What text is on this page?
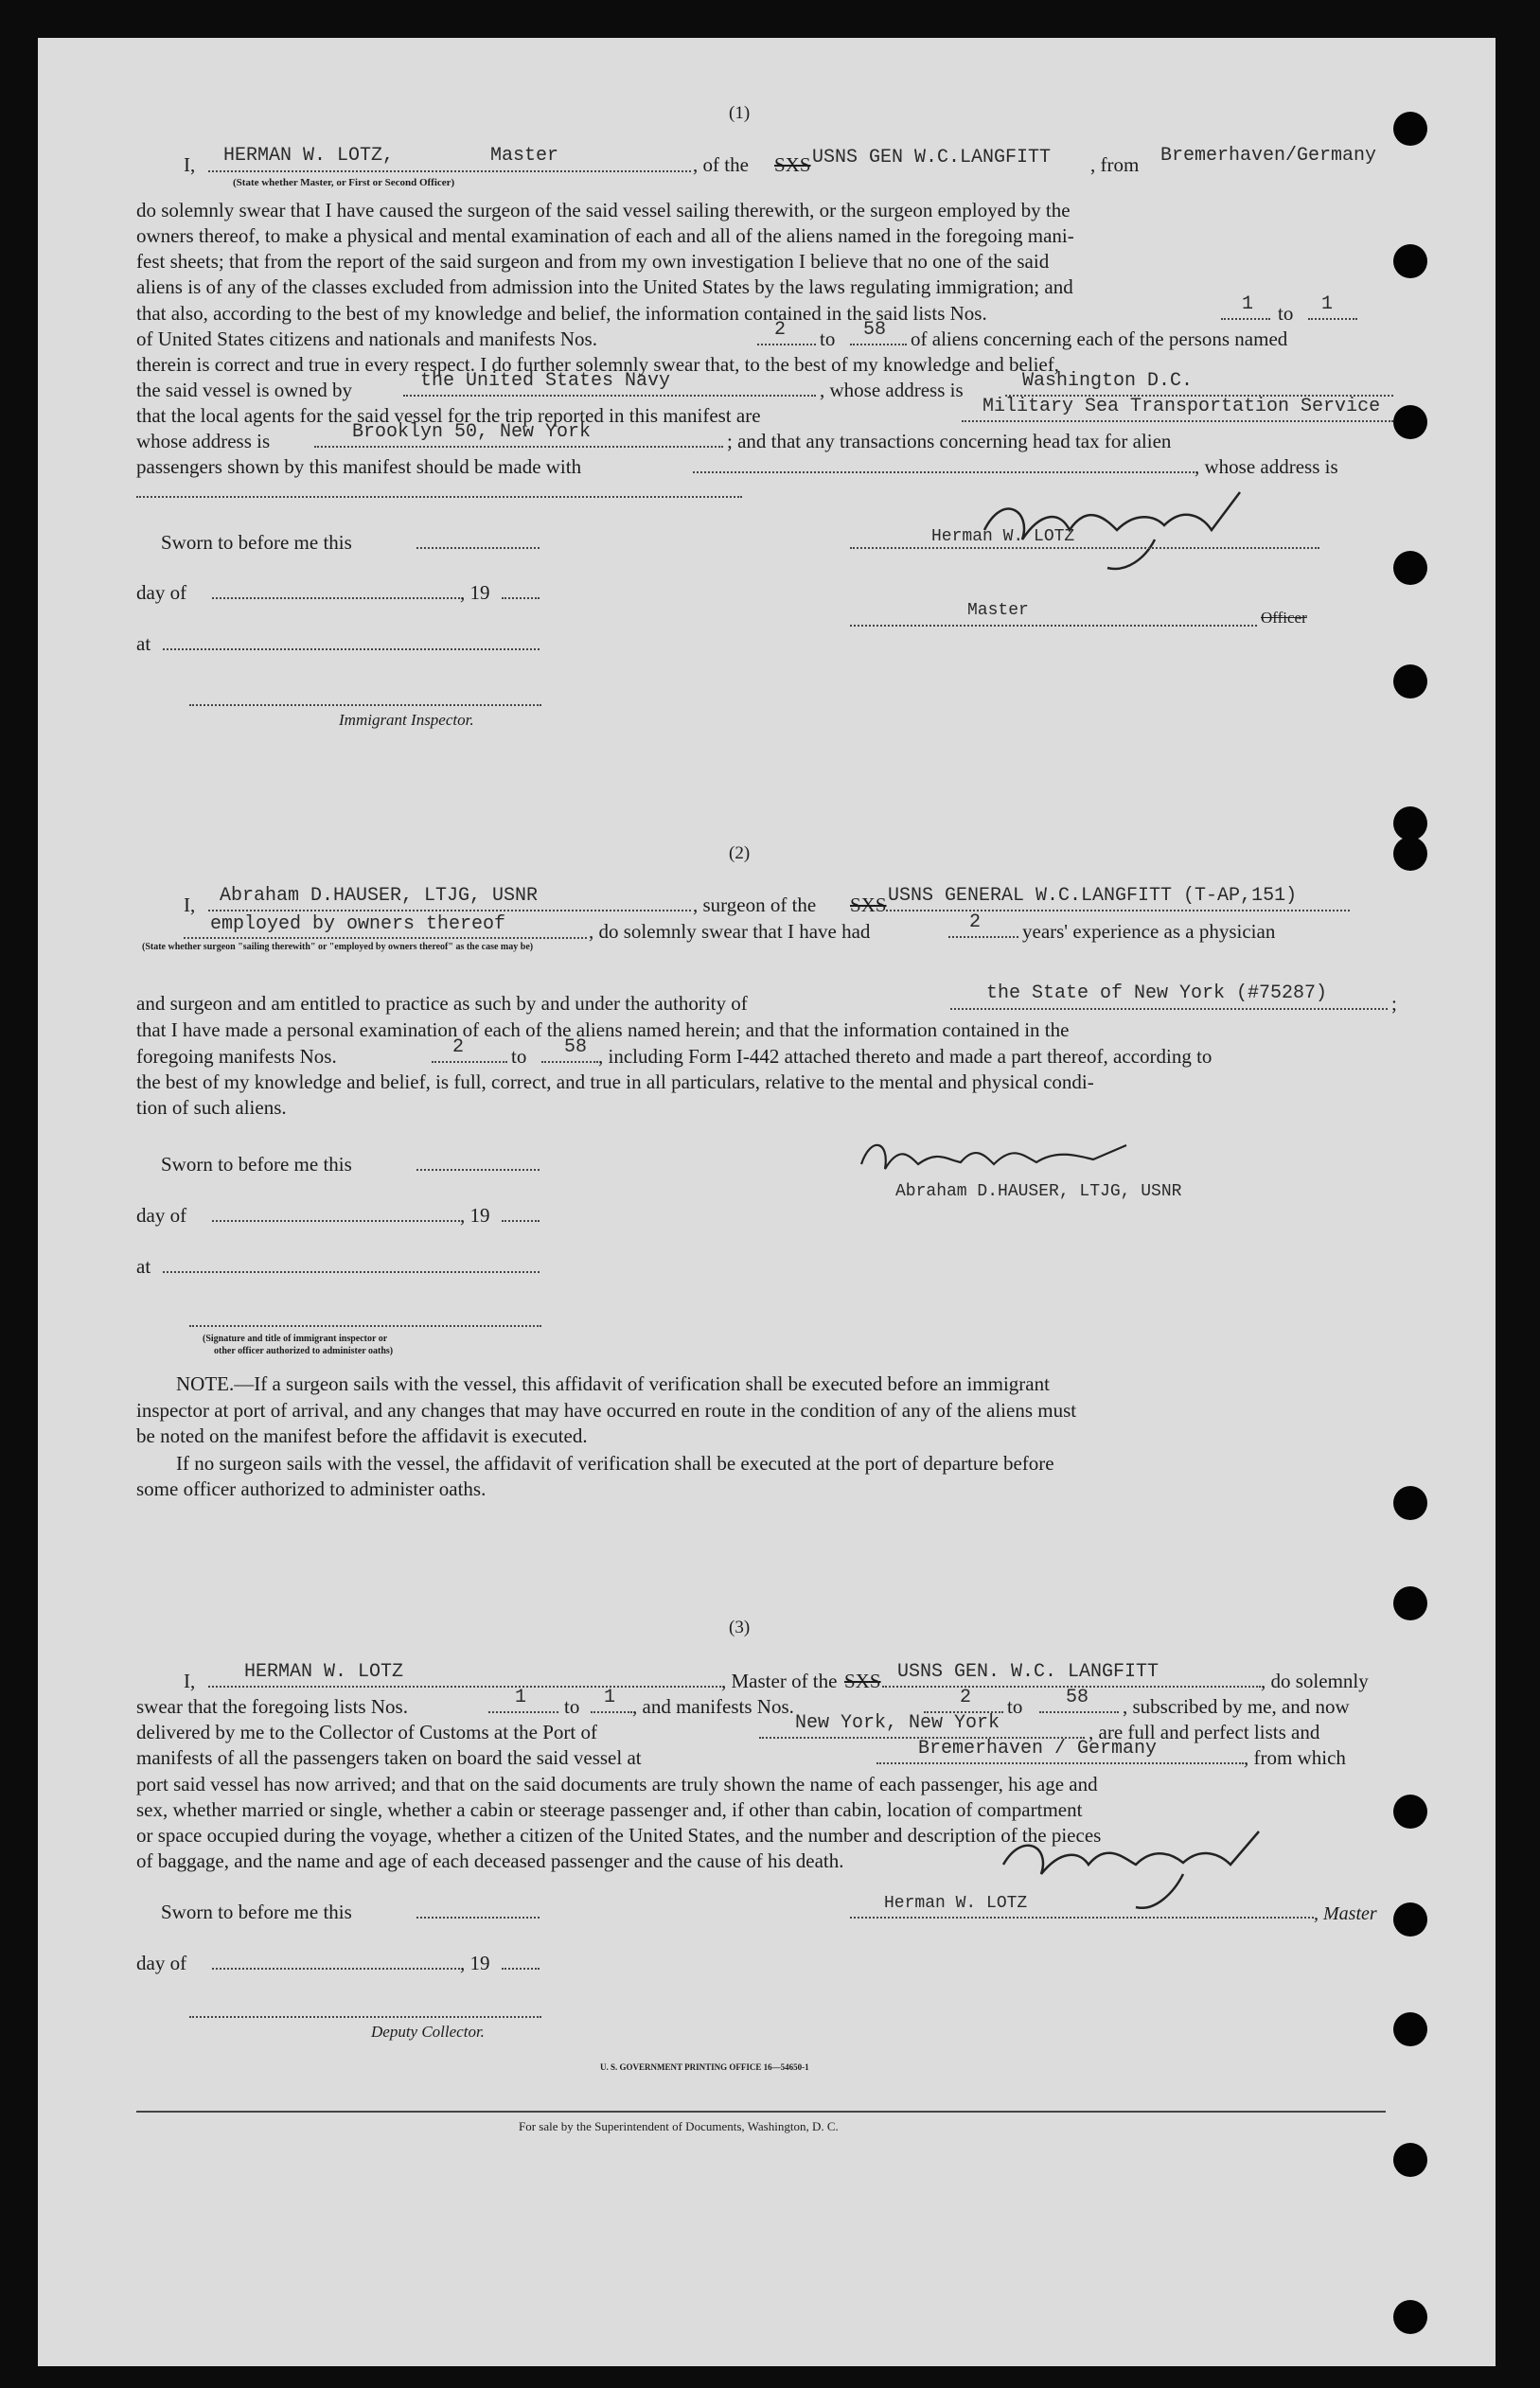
(1)
I, HERMAN W. LOTZ,	Master	, of the SXS USNS GEN W.C.LANGFITT , from Bremerhaven/Germany
(State whether Master, or First or Second Officer)
do solemnly swear that I have caused the surgeon of the said vessel sailing therewith, or the surgeon employed by the
owners thereof, to make a physical and mental examination of each and all of the aliens named in the foregoing mani-
fest sheets; that from the report of the said surgeon and from my own investigation I believe that no one of the said
aliens is of any of the classes excluded from admission into the United States by the laws regulating immigration; and
that also, according to the best of my knowledge and belief, the information contained in the said lists Nos.	1 to 1
of United States citizens and nationals and manifests Nos.	2 to 58 of aliens concerning each of the persons named
therein is correct and true in every respect. I do further solemnly swear that, to the best of my knowledge and belief,
the said vessel is owned by	the United States Navy	, whose address is	Washington D.C.
that the local agents for the said vessel for the trip reported in this manifest are	Military Sea Transportation Service
whose address is	Brooklyn 50, New York	; and that any transactions concerning head tax for alien
passengers shown by this manifest should be made with	, whose address is
Sworn to before me this
day of	, 19
at
Immigrant Inspector.
Herman W. LOTZ
Master	Officer
(2)
I, Abraham D.HAUSER, LTJG, USNR	, surgeon of the SXS USNS GENERAL W.C.LANGFITT (T-AP,151)
employed by owners thereof	, do solemnly swear that I have had	2 years' experience as a physician
(State whether surgeon "sailing therewith" or "employed by owners thereof" as the case may be)
and surgeon and am entitled to practice as such by and under the authority of	the State of New York (#75287)	;
that I have made a personal examination of each of the aliens named herein; and that the information contained in the
foregoing manifests Nos.	2 to 58 , including Form I-442 attached thereto and made a part thereof, according to
the best of my knowledge and belief, is full, correct, and true in all particulars, relative to the mental and physical condi-
tion of such aliens.
Sworn to before me this
day of	, 19
at
(Signature and title of immigrant inspector or
other officer authorized to administer oaths)
Abraham D.HAUSER, LTJG, USNR
NOTE.—If a surgeon sails with the vessel, this affidavit of verification shall be executed before an immigrant
inspector at port of arrival, and any changes that may have occurred en route in the condition of any of the aliens must
be noted on the manifest before the affidavit is executed.
If no surgeon sails with the vessel, the affidavit of verification shall be executed at the port of departure before
some officer authorized to administer oaths.
(3)
I,	HERMAN W. LOTZ	, Master of the SXS USNS GEN. W.C. LANGFITT	, do solemnly
swear that the foregoing lists Nos.	1 to 1 , and manifests Nos.	2 to 58 , subscribed by me, and now
delivered by me to the Collector of Customs at the Port of	New York, New York	, are full and perfect lists and
manifests of all the passengers taken on board the said vessel at	Bremerhaven / Germany	, from which
port said vessel has now arrived; and that on the said documents are truly shown the name of each passenger, his age and
sex, whether married or single, whether a cabin or steerage passenger and, if other than cabin, location of compartment
or space occupied during the voyage, whether a citizen of the United States, and the number and description of the pieces
of baggage, and the name and age of each deceased passenger and the cause of his death.
Sworn to before me this
day of	, 19
Deputy Collector.
Herman W. LOTZ	, Master
U. S. GOVERNMENT PRINTING OFFICE 16—54650-1
For sale by the Superintendent of Documents, Washington, D. C.
